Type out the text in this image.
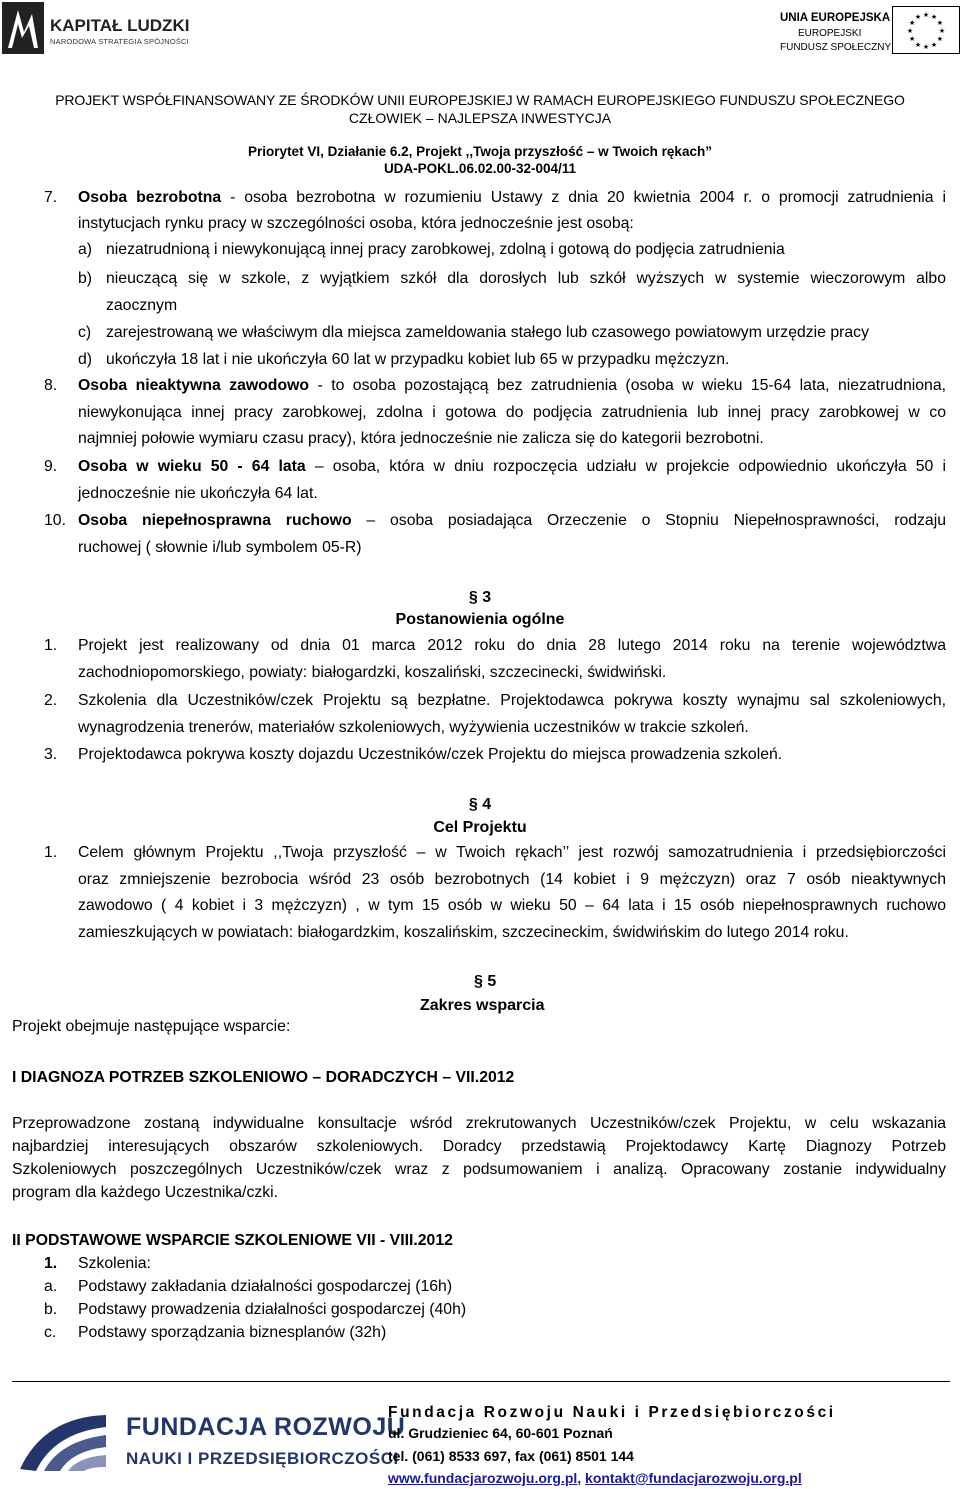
KAPITAŁ LUDZKI
NARODOWA STRATEGIA SPÓJNOŚCI
UNIA EUROPEJSKA
EUROPEJSKI
FUNDUSZ SPOŁECZNY
★
★
★
★
★
★
★
★
★ ★ ★
★
PROJEKT WSPÓŁFINANSOWANY ZE ŚRODKÓW UNII EUROPEJSKIEJ W RAMACH EUROPEJSKIEGO FUNDUSZU SPOŁECZNEGO
CZŁOWIEK – NAJLEPSZA INWESTYCJA
Priorytet VI, Działanie 6.2, Projekt ,,Twoja przyszłość – w Twoich rękach”
UDA-POKL.06.02.00-32-004/11
7. Osoba bezrobotna - osoba bezrobotna w rozumieniu Ustawy z dnia 20 kwietnia 2004 r. o promocji zatrudnienia i
instytucjach rynku pracy w szczególności osoba, która jednocześnie jest osobą:
a) niezatrudnioną i niewykonującą innej pracy zarobkowej, zdolną i gotową do podjęcia zatrudnienia
b) nieuczącą się w szkole, z wyjątkiem szkół dla dorosłych lub szkół wyższych w systemie wieczorowym albo
zaocznym
c) zarejestrowaną we właściwym dla miejsca zameldowania stałego lub czasowego powiatowym urzędzie pracy
d) ukończyła 18 lat i nie ukończyła 60 lat w przypadku kobiet lub 65 w przypadku mężczyzn.
8. Osoba nieaktywna zawodowo - to osoba pozostającą bez zatrudnienia (osoba w wieku 15-64 lata, niezatrudniona,
niewykonująca innej pracy zarobkowej, zdolna i gotowa do podjęcia zatrudnienia lub innej pracy zarobkowej w co
najmniej połowie wymiaru czasu pracy), która jednocześnie nie zalicza się do kategorii bezrobotni.
9. Osoba w wieku 50 - 64 lata – osoba, która w dniu rozpoczęcia udziału w projekcie odpowiednio ukończyła 50 i
jednocześnie nie ukończyła 64 lat.
10. Osoba niepełnosprawna ruchowo – osoba posiadająca Orzeczenie o Stopniu Niepełnosprawności, rodzaju
ruchowej ( słownie i/lub symbolem 05-R)
§ 3
Postanowienia ogólne
1. Projekt jest realizowany od dnia 01 marca 2012 roku do dnia 28 lutego 2014 roku na terenie województwa
zachodniopomorskiego, powiaty: białogardzki, koszaliński, szczecinecki, świdwiński.
2. Szkolenia dla Uczestników/czek Projektu są bezpłatne. Projektodawca pokrywa koszty wynajmu sal szkoleniowych,
wynagrodzenia trenerów, materiałów szkoleniowych, wyżywienia uczestników w trakcie szkoleń.
3. Projektodawca pokrywa koszty dojazdu Uczestników/czek Projektu do miejsca prowadzenia szkoleń.
§ 4
Cel Projektu
1. Celem głównym Projektu ,,Twoja przyszłość – w Twoich rękach’’ jest rozwój samozatrudnienia i przedsiębiorczości
oraz zmniejszenie bezrobocia wśród 23 osób bezrobotnych (14 kobiet i 9 mężczyzn) oraz 7 osób nieaktywnych
zawodowo ( 4 kobiet i 3 mężczyzn) , w tym 15 osób w wieku 50 – 64 lata i 15 osób niepełnosprawnych ruchowo
zamieszkujących w powiatach: białogardzkim, koszalińskim, szczecineckim, świdwińskim do lutego 2014 roku.
§ 5
Zakres wsparcia
Projekt obejmuje następujące wsparcie:
I DIAGNOZA POTRZEB SZKOLENIOWO – DORADCZYCH – VII.2012
Przeprowadzone zostaną indywidualne konsultacje wśród zrekrutowanych Uczestników/czek Projektu, w celu wskazania
najbardziej interesujących obszarów szkoleniowych. Doradcy przedstawią Projektodawcy Kartę Diagnozy Potrzeb
Szkoleniowych poszczególnych Uczestników/czek wraz z podsumowaniem i analizą. Opracowany zostanie indywidualny
program dla każdego Uczestnika/czki.
II PODSTAWOWE WSPARCIE SZKOLENIOWE VII - VIII.2012
1. Szkolenia:
a. Podstawy zakładania działalności gospodarczej (16h)
b. Podstawy prowadzenia działalności gospodarczej (40h)
c. Podstawy sporządzania biznesplanów (32h)
FUNDACJA ROZWOJU
NAUKI I PRZEDSIĘBIORCZOŚCI
Fundacja Rozwoju Nauki i Przedsiębiorczości
ul. Grudzieniec 64, 60-601 Poznań
tel. (061) 8533 697, fax (061) 8501 144
www.fundacjarozwoju.org.pl, kontakt@fundacjarozwoju.org.pl
